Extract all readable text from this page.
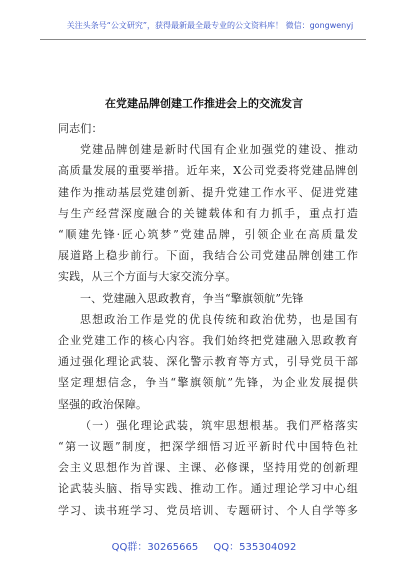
关注头条号“公文研究”，获得最新最全最专业的公文资料库！ 微信：gongwenyj
在党建品牌创建工作推进会上的交流发言

同志们：

党建品牌创建是新时代国有企业加强党的建设、推动
高质量发展的重要举措。近年来，X公司党委将党建品牌创
建作为推动基层党建创新、提升党建工作水平、促进党建
与生产经营深度融合的关键载体和有力抓手，重点打造
“顺建先锋·匠心筑梦”党建品牌，引领企业在高质量发
展道路上稳步前行。下面，我结合公司党建品牌创建工作
实践，从三个方面与大家交流分享。

一、党建融入思政教育，争当“擎旗领航”先锋

思想政治工作是党的优良传统和政治优势，也是国有
企业党建工作的核心内容。我们始终把党建融入思政教育
通过强化理论武装、深化警示教育等方式，引导党员干部
坚定理想信念，争当“擎旗领航”先锋，为企业发展提供
坚强的政治保障。

（一）强化理论武装，筑牢思想根基。我们严格落实
“第一议题”制度，把深学细悟习近平新时代中国特色社
会主义思想作为首课、主课、必修课，坚持用党的创新理
论武装头脑、指导实践、推动工作。通过理论学习中心组
学习、读书班学习、党员培训、专题研讨、个人自学等多

QQ群：30265665 QQ：535304092
